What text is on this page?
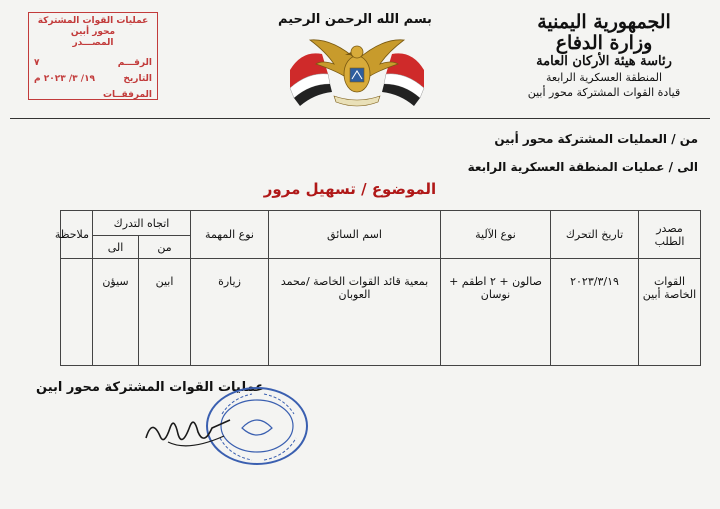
الجمهورية اليمنية
وزارة الدفاع
رئاسة هيئة الأركان العامة
المنطقة العسكرية الرابعة
قيادة القوات المشتركة محور أبين
بسم الله الرحمن الرحيم
عمليات القوات المشتركة محور أبين
المصـــدر
الرقـــم
٧
التاريخ
١٩/ ٣/ ٢٠٢٣ م
المرفقــات
من / العمليات المشتركة محور أبين
الى / عمليات المنطقة العسكرية الرابعة
الموضوع / تسهيل مرور
مصدر الطلب	تاريخ التحرك	نوع الآلية	اسم السائق	نوع المهمة	اتجاه التدرك		ملاحظة
					من	الى	
القوات الخاصة أبين	٢٠٢٣/٣/١٩	صالون + ٢ اطقم + نوسان	بمعية قائد القوات الخاصة /محمد العوبان	زيارة	ابين	سيؤن	
عمليات القوات المشتركة محور ابين
